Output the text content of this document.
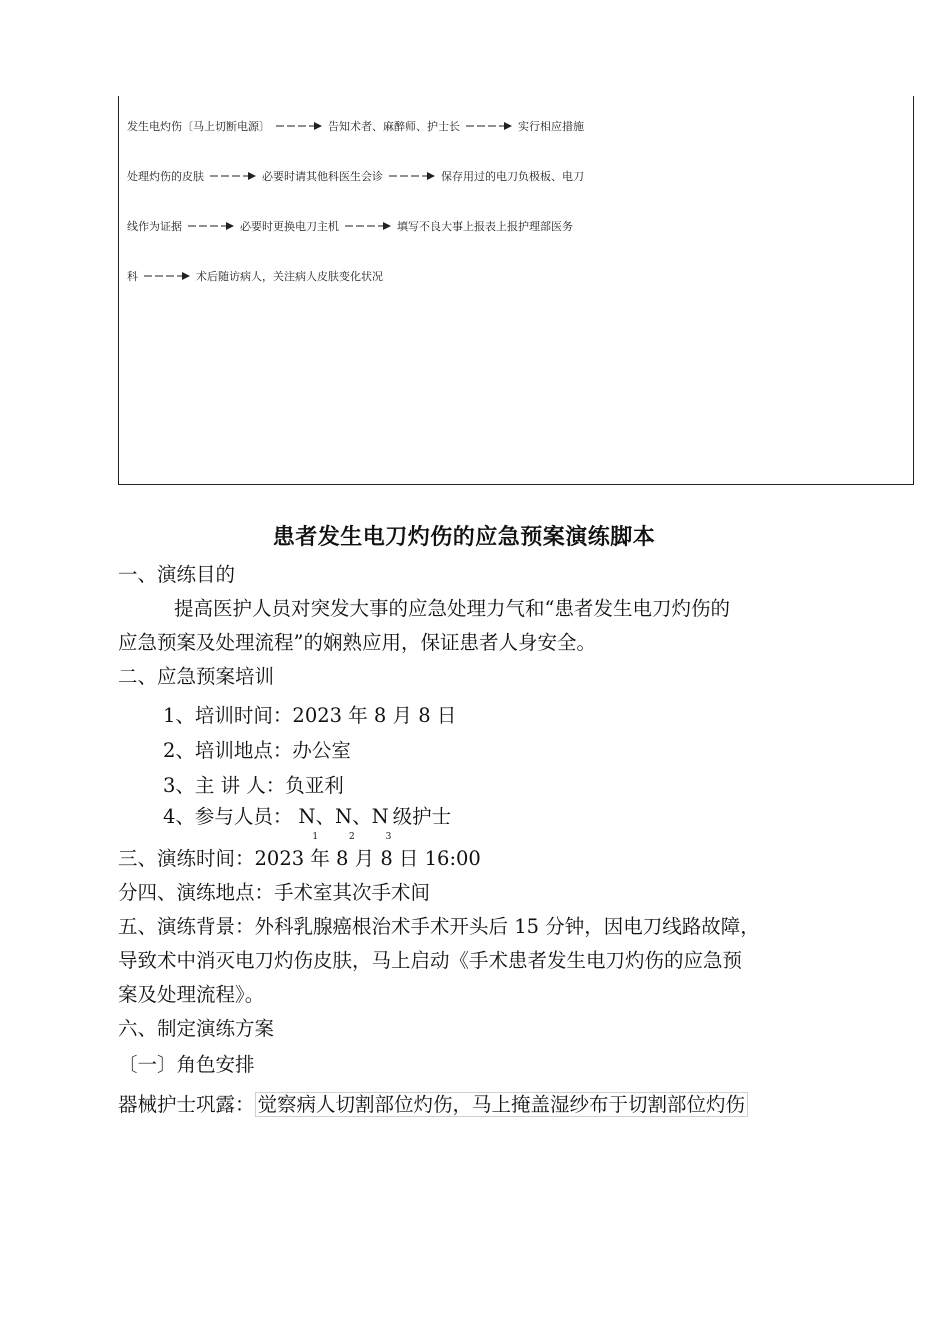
发生电灼伤〔马上切断电源〕	告知术者、麻醉师、护士长	实行相应措施
处理灼伤的皮肤	必要时请其他科医生会诊	保存用过的电刀负极板、电刀
线作为证据	必要时更换电刀主机	填写不良大事上报表上报护理部医务
科	术后随访病人，关注病人皮肤变化状况
患者发生电刀灼伤的应急预案演练脚本
一、演练目的
提高医护人员对突发大事的应急处理力气和“患者发生电刀灼伤的
应急预案及处理流程”的娴熟应用，保证患者人身安全。
二、应急预案培训
1、培训时间：2023 年 8 月 8 日
2、培训地点：办公室
3、主 讲 人：负亚利
4、参与人员： N
1
、N
2
、N
3
级护士
三、演练时间：2023 年 8 月 8 日 16:00
分四、演练地点：手术室其次手术间
五、演练背景：外科乳腺癌根治术手术开头后 15 分钟，因电刀线路故障，
导致术中消灭电刀灼伤皮肤，马上启动《手术患者发生电刀灼伤的应急预
案及处理流程》。
六、制定演练方案
〔一〕角色安排
器械护士巩露： 觉察病人切割部位灼伤，马上掩盖湿纱布于切割部位灼伤
